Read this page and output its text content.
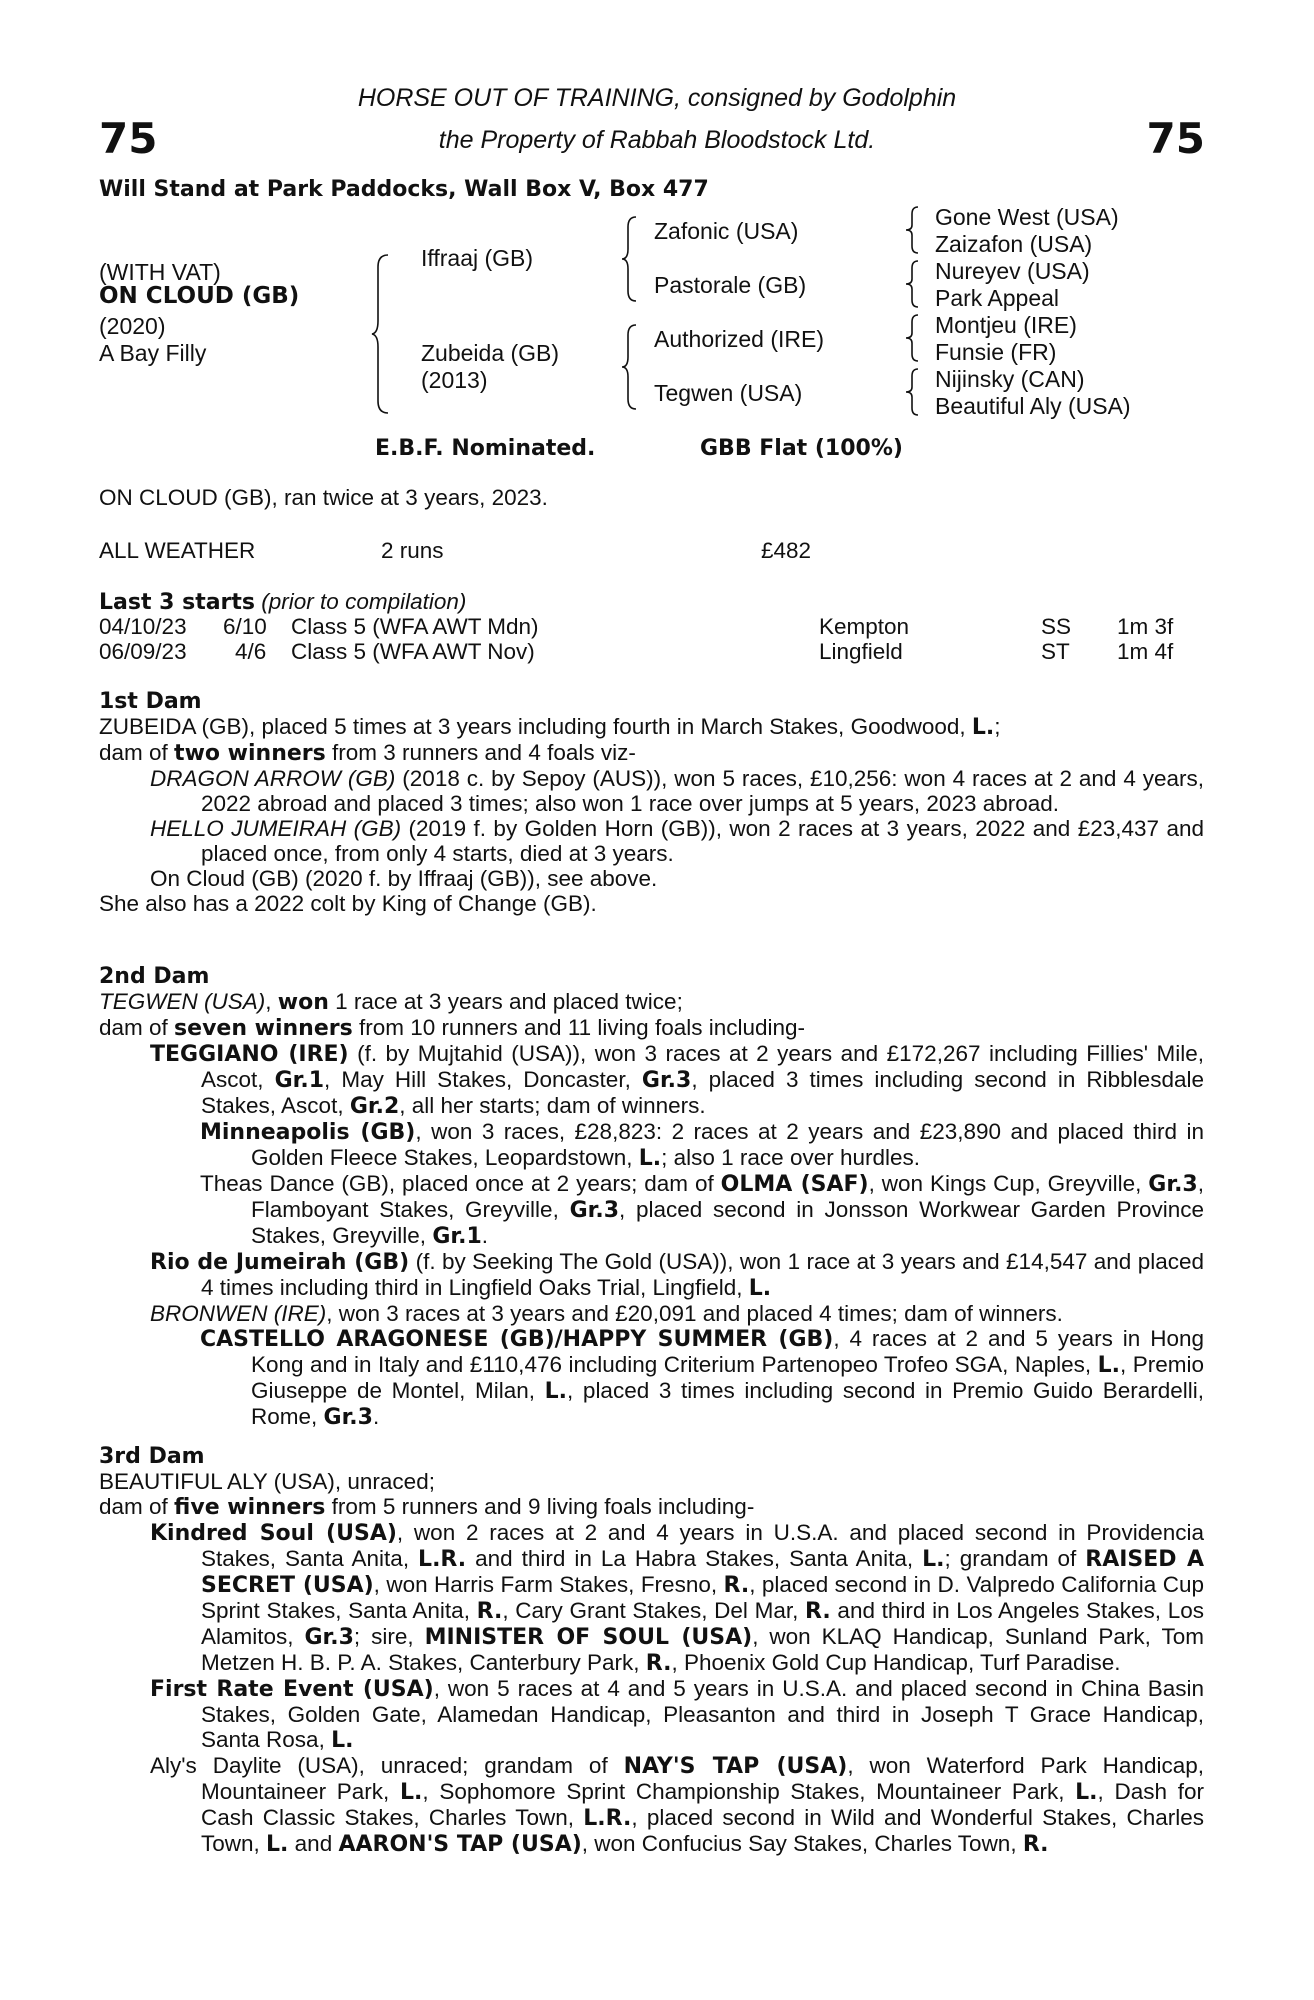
75	75
HORSE OUT OF TRAINING, consigned by Godolphin
the Property of Rabbah Bloodstock Ltd.
Will Stand at Park Paddocks, Wall Box V, Box 477
(WITH VAT)
ON CLOUD (GB)
(2020)
A Bay Filly
Iffraaj (GB)
Zubeida (GB)
(2013)
Zafonic (USA)
Pastorale (GB)
Authorized (IRE)
Tegwen (USA)
Gone West (USA)
Zaizafon (USA)
Nureyev (USA)
Park Appeal
Montjeu (IRE)
Funsie (FR)
Nijinsky (CAN)
Beautiful Aly (USA)
E.B.F. Nominated.	GBB Flat (100%)
ON CLOUD (GB), ran twice at 3 years, 2023.
ALL WEATHER	2 runs	£482
Last 3 starts (prior to compilation)
04/10/23 6/10 Class 5 (WFA AWT Mdn)	Kempton	SS 1m 3f
06/09/23 4/6 Class 5 (WFA AWT Nov)	Lingfield	ST 1m 4f

1st Dam

ZUBEIDA (GB), placed 5 times at 3 years including fourth in March Stakes, Goodwood, L.;

dam of two winners from 3 runners and 4 foals viz-

DRAGON ARROW (GB) (2018 c. by Sepoy (AUS)), won 5 races, £10,256: won 4 races at 2 and 4 years, 2022 abroad and placed 3 times; also won 1 race over jumps at 5 years, 2023 abroad.

HELLO JUMEIRAH (GB) (2019 f. by Golden Horn (GB)), won 2 races at 3 years, 2022 and £23,437 and placed once, from only 4 starts, died at 3 years.

On Cloud (GB) (2020 f. by Iffraaj (GB)), see above.

She also has a 2022 colt by King of Change (GB).

2nd Dam

TEGWEN (USA), won 1 race at 3 years and placed twice;

dam of seven winners from 10 runners and 11 living foals including-

TEGGIANO (IRE) (f. by Mujtahid (USA)), won 3 races at 2 years and £172,267 including Fillies' Mile, Ascot, Gr.1, May Hill Stakes, Doncaster, Gr.3, placed 3 times including second in Ribblesdale Stakes, Ascot, Gr.2, all her starts; dam of winners.

Minneapolis (GB), won 3 races, £28,823: 2 races at 2 years and £23,890 and placed third in Golden Fleece Stakes, Leopardstown, L.; also 1 race over hurdles.

Theas Dance (GB), placed once at 2 years; dam of OLMA (SAF), won Kings Cup, Greyville, Gr.3, Flamboyant Stakes, Greyville, Gr.3, placed second in Jonsson Workwear Garden Province Stakes, Greyville, Gr.1.

Rio de Jumeirah (GB) (f. by Seeking The Gold (USA)), won 1 race at 3 years and £14,547 and placed 4 times including third in Lingfield Oaks Trial, Lingfield, L.

BRONWEN (IRE), won 3 races at 3 years and £20,091 and placed 4 times; dam of winners.

CASTELLO ARAGONESE (GB)/HAPPY SUMMER (GB), 4 races at 2 and 5 years in Hong Kong and in Italy and £110,476 including Criterium Partenopeo Trofeo SGA, Naples, L., Premio Giuseppe de Montel, Milan, L., placed 3 times including second in Premio Guido Berardelli, Rome, Gr.3.

3rd Dam

BEAUTIFUL ALY (USA), unraced;

dam of five winners from 5 runners and 9 living foals including-

Kindred Soul (USA), won 2 races at 2 and 4 years in U.S.A. and placed second in Providencia Stakes, Santa Anita, L.R. and third in La Habra Stakes, Santa Anita, L.; grandam of RAISED A SECRET (USA), won Harris Farm Stakes, Fresno, R., placed second in D. Valpredo California Cup Sprint Stakes, Santa Anita, R., Cary Grant Stakes, Del Mar, R. and third in Los Angeles Stakes, Los Alamitos, Gr.3; sire, MINISTER OF SOUL (USA), won KLAQ Handicap, Sunland Park, Tom Metzen H. B. P. A. Stakes, Canterbury Park, R., Phoenix Gold Cup Handicap, Turf Paradise.

First Rate Event (USA), won 5 races at 4 and 5 years in U.S.A. and placed second in China Basin Stakes, Golden Gate, Alamedan Handicap, Pleasanton and third in Joseph T Grace Handicap, Santa Rosa, L.

Aly's Daylite (USA), unraced; grandam of NAY'S TAP (USA), won Waterford Park Handicap, Mountaineer Park, L., Sophomore Sprint Championship Stakes, Mountaineer Park, L., Dash for Cash Classic Stakes, Charles Town, L.R., placed second in Wild and Wonderful Stakes, Charles Town, L. and AARON'S TAP (USA), won Confucius Say Stakes, Charles Town, R.
